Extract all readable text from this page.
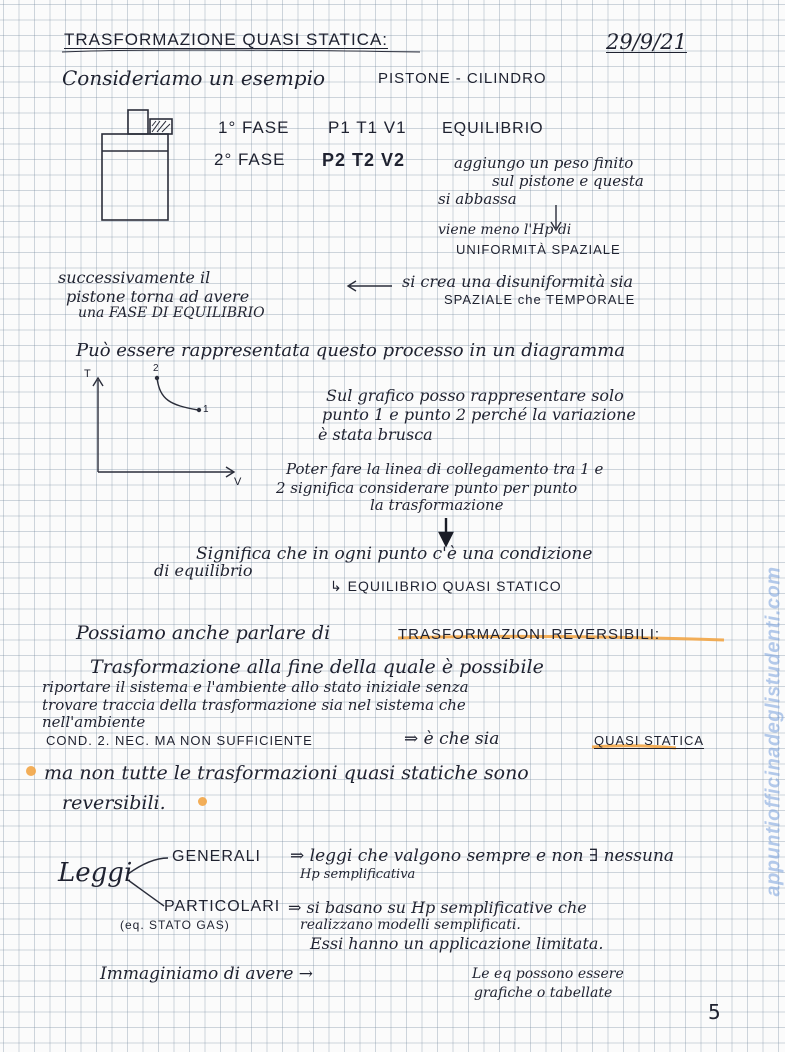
TRASFORMAZIONE QUASI STATICA:	29/9/21
Consideriamo un esempio	PISTONE - CILINDRO
1° FASE P1 T1 V1 EQUILIBRIO
2° FASE P2 T2 V2	aggiungo un peso finito
sul pistone e questa
si abbassa
viene meno l'Hp di
UNIFORMITÀ SPAZIALE
successivamente il
pistone torna ad avere
una FASE DI EQUILIBRIO
si crea una disuniformità sia
SPAZIALE che TEMPORALE
Può essere rappresentata questo processo in un diagramma
T
V
2
1
Sul grafico posso rappresentare solo
punto 1 e punto 2 perché la variazione
è stata brusca
Poter fare la linea di collegamento tra 1 e
2 significa considerare punto per punto
la trasformazione
Significa che in ogni punto c'è una condizione
di equilibrio
↳ EQUILIBRIO QUASI STATICO
Possiamo anche parlare di	TRASFORMAZIONI REVERSIBILI:
Trasformazione alla fine della quale è possibile
riportare il sistema e l'ambiente allo stato iniziale senza
trovare traccia della trasformazione sia nel sistema che
nell'ambiente
COND. 2. NEC. MA NON SUFFICIENTE	⇒ è che sia	QUASI STATICA
ma non tutte le trasformazioni quasi statiche sono
reversibili.
Leggi
GENERALI ⇒ leggi che valgono sempre e non ∃ nessuna
Hp semplificativa
PARTICOLARI
(eq. STATO GAS)
⇒ si basano su Hp semplificative che
realizzano modelli semplificati.
Essi hanno un applicazione limitata.
Immaginiamo di avere →	Le eq possono essere
grafiche o tabellate
5
appuntiofficinadeglistudenti.com
